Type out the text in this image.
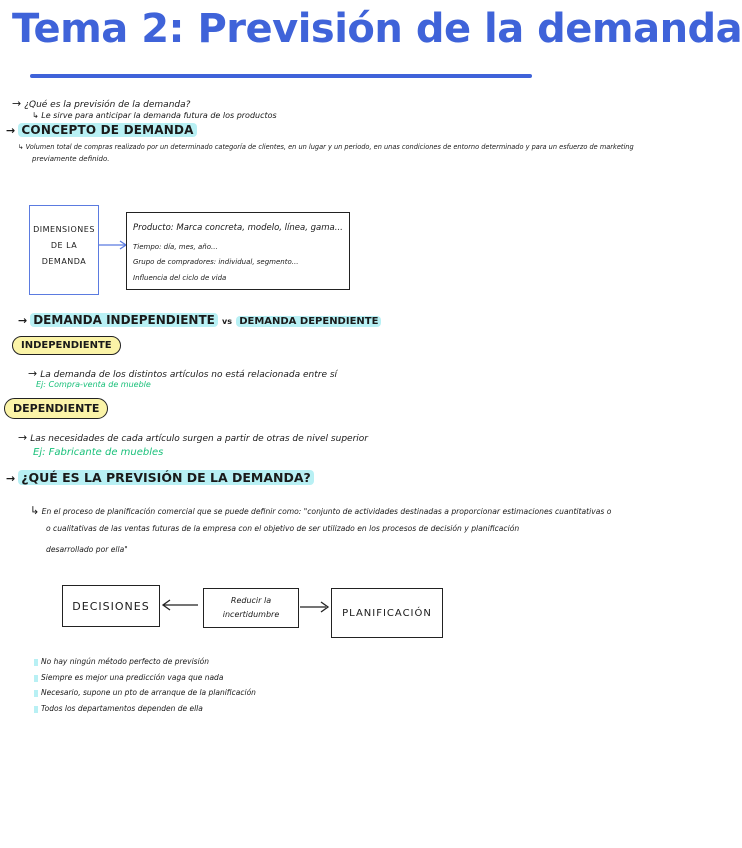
Tema 2: Previsión de la demanda
→ ¿Qué es la previsión de la demanda?
↳ Le sirve para anticipar la demanda futura de los productos
→ CONCEPTO DE DEMANDA
↳ Volumen total de compras realizado por un determinado categoría de clientes, en un lugar y un periodo, en unas condiciones de entorno determinado y para un esfuerzo de marketing
previamente definido.
DIMENSIONES DE LA DEMANDA
Producto: Marca concreta, modelo, línea, gama...
Tiempo: día, mes, año...
Grupo de compradores: individual, segmento...
Influencia del ciclo de vida
→ DEMANDA INDEPENDIENTE vs DEMANDA DEPENDIENTE
INDEPENDIENTE
→ La demanda de los distintos artículos no está relacionada entre sí
Ej: Compra-venta de mueble
DEPENDIENTE
→ Las necesidades de cada artículo surgen a partir de otras de nivel superior
Ej: Fabricante de muebles
→ ¿QUÉ ES LA PREVISIÓN DE LA DEMANDA?
↳ En el proceso de planificación comercial que se puede definir como: "conjunto de actividades destinadas a proporcionar estimaciones cuantitativas o
o cualitativas de las ventas futuras de la empresa con el objetivo de ser utilizado en los procesos de decisión y planificación
desarrollado por ella"
DECISIONES	Reducir la incertidumbre	PLANIFICACIÓN
No hay ningún método perfecto de previsión
Siempre es mejor una predicción vaga que nada
Necesario, supone un pto de arranque de la planificación
Todos los departamentos dependen de ella
